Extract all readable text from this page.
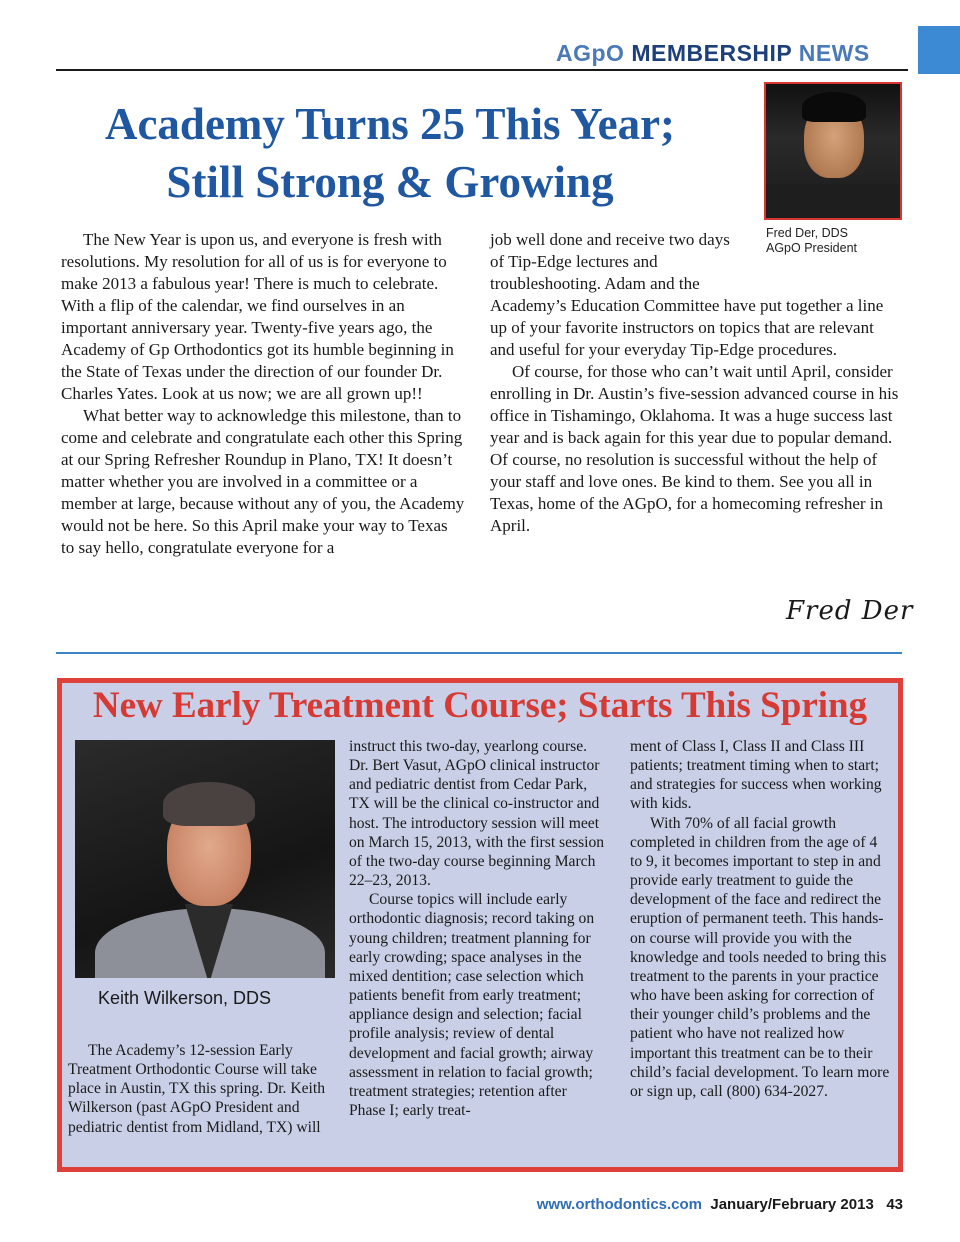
AGpO MEMBERSHIP NEWS
Academy Turns 25 This Year;
Still Strong & Growing
Fred Der, DDS
AGpO President

The New Year is upon us, and everyone is fresh with resolutions. My resolution for all of us is for everyone to make 2013 a fabulous year! There is much to celebrate. With a flip of the calendar, we find ourselves in an important anniversary year. Twenty-five years ago, the Academy of Gp Orthodontics got its humble beginning in the State of Texas under the direction of our founder Dr. Charles Yates. Look at us now; we are all grown up!!

What better way to acknowledge this milestone, than to come and celebrate and congratulate each other this Spring at our Spring Refresher Roundup in Plano, TX! It doesn’t matter whether you are involved in a committee or a member at large, because without any of you, the Academy would not be here. So this April make your way to Texas to say hello, congratulate everyone for a

job well done and receive two days of Tip-Edge lectures and troubleshooting. Adam and the

Academy’s Education Committee have put together a line up of your favorite instructors on topics that are relevant and useful for your everyday Tip-Edge procedures.

Of course, for those who can’t wait until April, consider enrolling in Dr. Austin’s five-session advanced course in his office in Tishamingo, Oklahoma. It was a huge success last year and is back again for this year due to popular demand. Of course, no resolution is successful without the help of your staff and love ones. Be kind to them. See you all in Texas, home of the AGpO, for a homecoming refresher in April.

Fred Der
New Early Treatment Course; Starts This Spring
Keith Wilkerson, DDS

The Academy’s 12-session Early Treatment Orthodontic Course will take place in Austin, TX this spring. Dr. Keith Wilkerson (past AGpO President and pediatric dentist from Midland, TX) will

instruct this two-day, yearlong course. Dr. Bert Vasut, AGpO clinical instructor and pediatric dentist from Cedar Park, TX will be the clinical co-instructor and host. The introductory session will meet on March 15, 2013, with the first session of the two-day course beginning March 22–23, 2013.

Course topics will include early orthodontic diagnosis; record taking on young children; treatment planning for early crowding; space analyses in the mixed dentition; case selection which patients benefit from early treatment; appliance design and selection; facial profile analysis; review of dental development and facial growth; airway assessment in relation to facial growth; treatment strategies; retention after Phase I; early treat-

ment of Class I, Class II and Class III patients; treatment timing when to start; and strategies for success when working with kids.

With 70% of all facial growth completed in children from the age of 4 to 9, it becomes important to step in and provide early treatment to guide the development of the face and redirect the eruption of permanent teeth. This hands-on course will provide you with the knowledge and tools needed to bring this treatment to the parents in your practice who have been asking for correction of their younger child’s problems and the patient who have not realized how important this treatment can be to their child’s facial development. To learn more or sign up, call (800) 634-2027.

www.orthodontics.com January/February 2013 43
